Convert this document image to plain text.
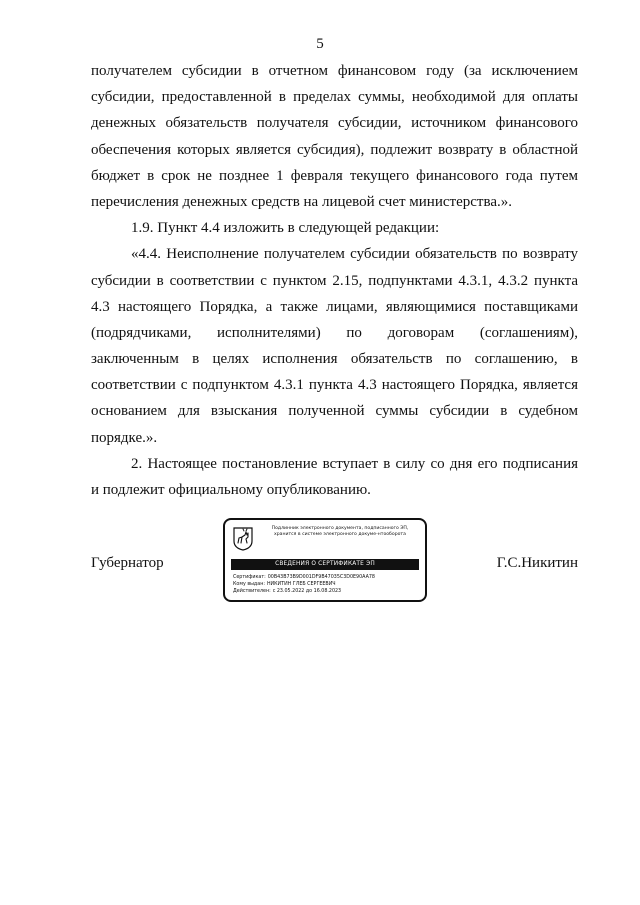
5
получателем субсидии в отчетном финансовом году (за исключением
субсидии, предоставленной в пределах суммы, необходимой для оплаты
денежных обязательств получателя субсидии, источником финансового
обеспечения которых является субсидия), подлежит возврату в областной
бюджет в срок не позднее 1 февраля текущего финансового года путем
перечисления денежных средств на лицевой счет министерства.».
1.9. Пункт 4.4 изложить в следующей редакции:
«4.4. Неисполнение получателем субсидии обязательств по возврату
субсидии в соответствии с пунктом 2.15, подпунктами 4.3.1, 4.3.2 пункта
4.3 настоящего Порядка, а также лицами, являющимися поставщиками
(подрядчиками, исполнителями) по договорам (соглашениям),
заключенным в целях исполнения обязательств по соглашению, в
соответствии с подпунктом 4.3.1 пункта 4.3 настоящего Порядка, является
основанием для взыскания полученной суммы субсидии в судебном
порядке.».
2. Настоящее постановление вступает в силу со дня его подписания
и подлежит официальному опубликованию.
Губернатор	Г.С.Никитин
Подлинник электронного документа, подписанного ЭП,
хранится в системе электронного докуме-нтооборота
СВЕДЕНИЯ О СЕРТИФИКАТЕ ЭП
Сертификат: 00B43B73B9D001DF9B47035C3D0E90AA78
Кому выдан: НИКИТИН ГЛЕБ СЕРГЕЕВИЧ
Действителен: с 23.05.2022 до 16.08.2023
